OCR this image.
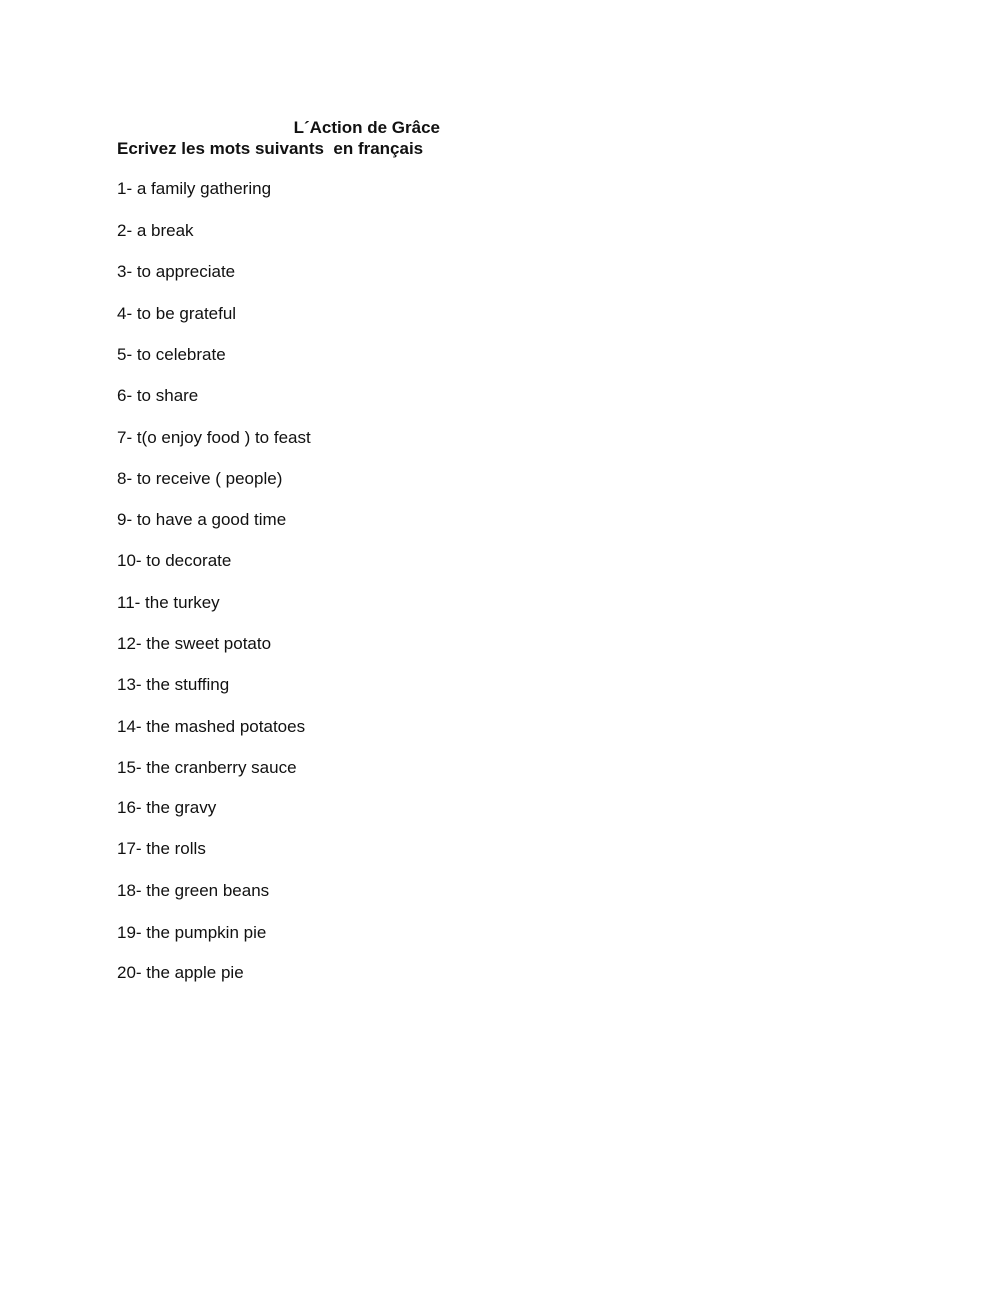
L´Action de Grâce
Ecrivez les mots suivants  en français
1- a family gathering
2- a break
3- to appreciate
4- to be grateful
5- to celebrate
6- to share
7- t(o enjoy food ) to feast
8- to receive ( people)
9- to have a good time
10- to decorate
11- the turkey
12- the sweet potato
13- the stuffing
14- the mashed potatoes
15- the cranberry sauce
16- the gravy
17- the rolls
18- the green beans
19- the pumpkin pie
20- the apple pie
